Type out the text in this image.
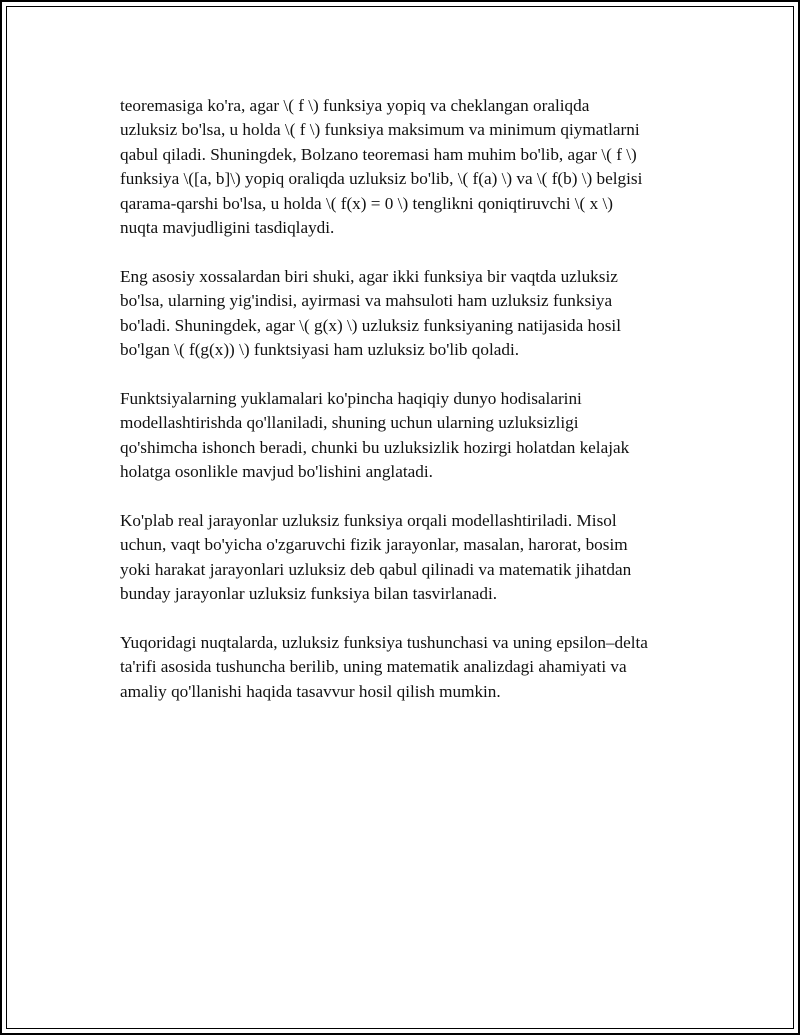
teoremasiga ko'ra, agar \( f \) funksiya yopiq va cheklangan oraliqda
uzluksiz bo'lsa, u holda \( f \) funksiya maksimum va minimum qiymatlarni
qabul qiladi. Shuningdek, Bolzano teoremasi ham muhim bo'lib, agar \( f \)
funksiya \([a, b]\) yopiq oraliqda uzluksiz bo'lib, \( f(a) \) va \( f(b) \) belgisi
qarama-qarshi bo'lsa, u holda \( f(x) = 0 \) tenglikni qoniqtiruvchi \( x \)
nuqta mavjudligini tasdiqlaydi.

Eng asosiy xossalardan biri shuki, agar ikki funksiya bir vaqtda uzluksiz
bo'lsa, ularning yig'indisi, ayirmasi va mahsuloti ham uzluksiz funksiya
bo'ladi. Shuningdek, agar \( g(x) \) uzluksiz funksiyaning natijasida hosil
bo'lgan \( f(g(x)) \) funktsiyasi ham uzluksiz bo'lib qoladi.

Funktsiyalarning yuklamalari ko'pincha haqiqiy dunyo hodisalarini
modellashtirishda qo'llaniladi, shuning uchun ularning uzluksizligi
qo'shimcha ishonch beradi, chunki bu uzluksizlik hozirgi holatdan kelajak
holatga osonlikle mavjud bo'lishini anglatadi.

Ko'plab real jarayonlar uzluksiz funksiya orqali modellashtiriladi. Misol
uchun, vaqt bo'yicha o'zgaruvchi fizik jarayonlar, masalan, harorat, bosim
yoki harakat jarayonlari uzluksiz deb qabul qilinadi va matematik jihatdan
bunday jarayonlar uzluksiz funksiya bilan tasvirlanadi.

Yuqoridagi nuqtalarda, uzluksiz funksiya tushunchasi va uning epsilon–delta
ta'rifi asosida tushuncha berilib, uning matematik analizdagi ahamiyati va
amaliy qo'llanishi haqida tasavvur hosil qilish mumkin.
